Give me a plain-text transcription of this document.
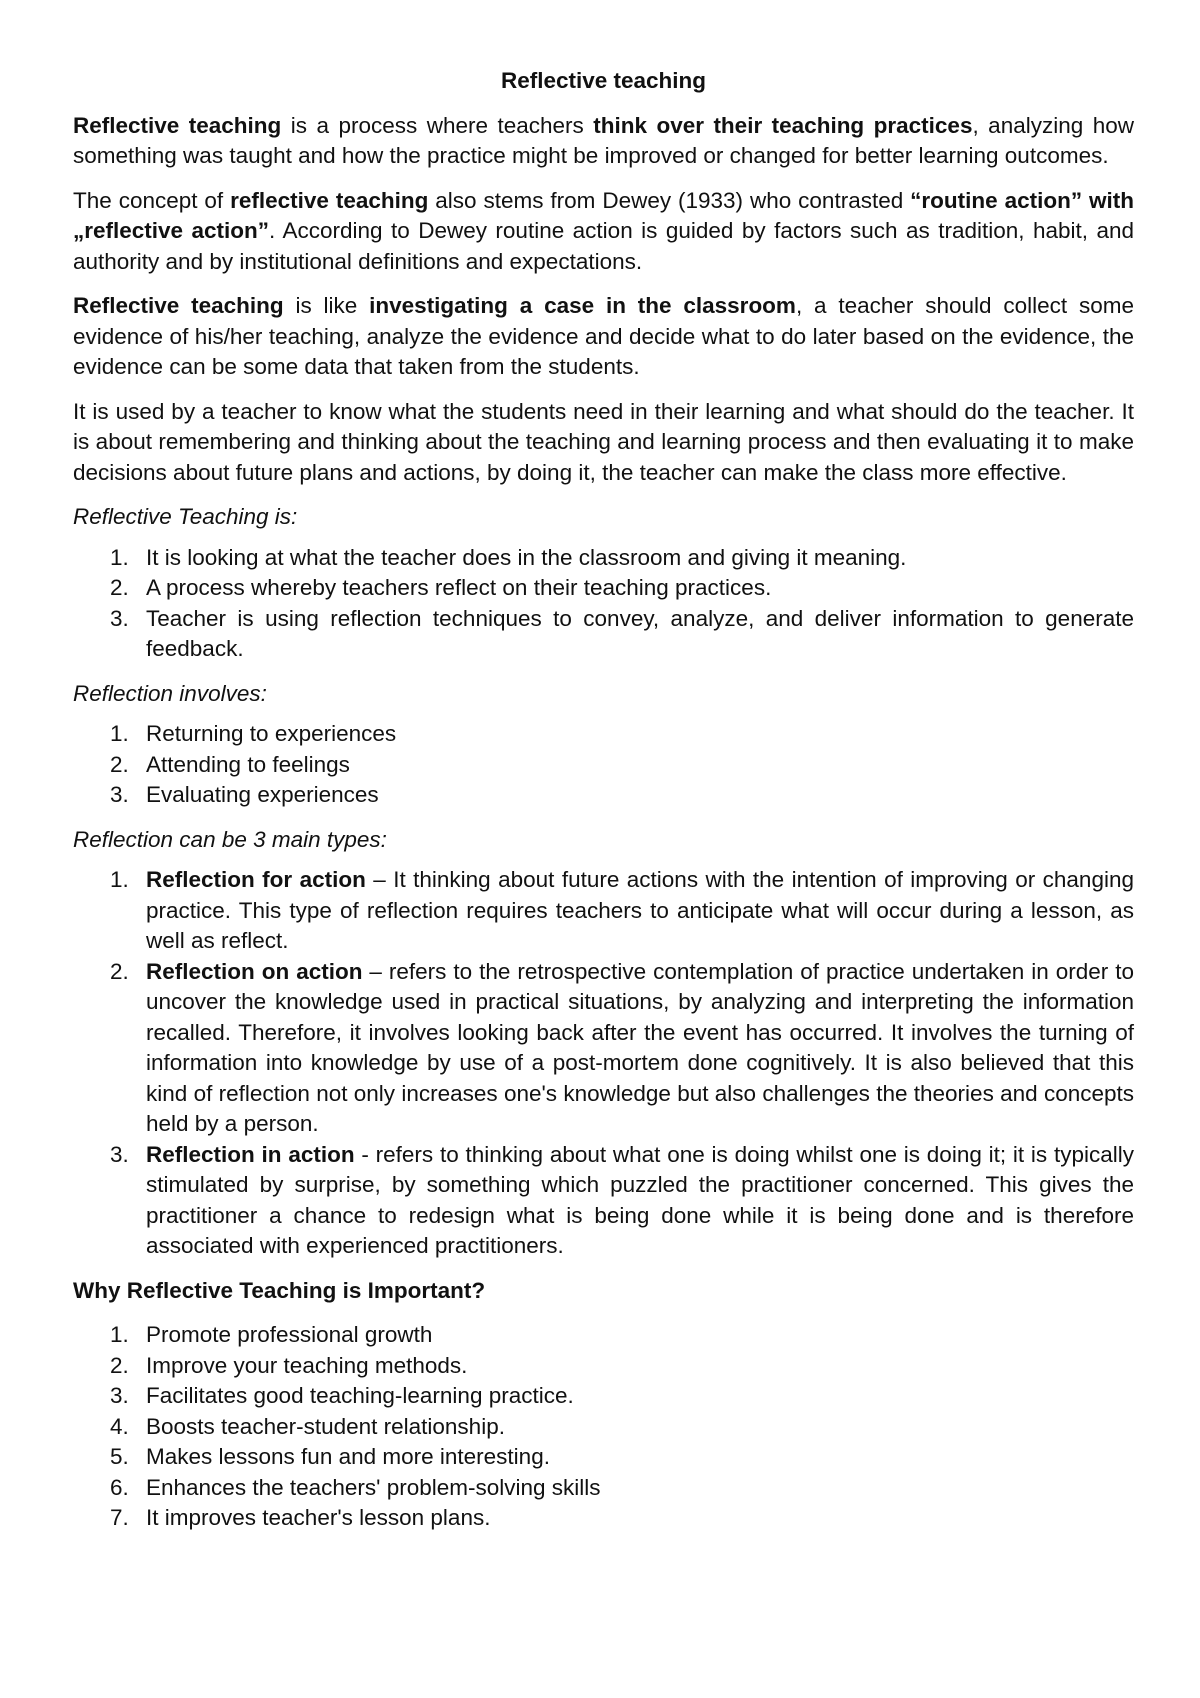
Reflective teaching

Reflective teaching is a process where teachers think over their teaching practices, analyzing how something was taught and how the practice might be improved or changed for better learning outcomes.

The concept of reflective teaching also stems from Dewey (1933) who contrasted “routine action” with „reflective action”. According to Dewey routine action is guided by factors such as tradition, habit, and authority and by institutional definitions and expectations.

Reflective teaching is like investigating a case in the classroom, a teacher should collect some evidence of his/her teaching, analyze the evidence and decide what to do later based on the evidence, the evidence can be some data that taken from the students.

It is used by a teacher to know what the students need in their learning and what should do the teacher. It is about remembering and thinking about the teaching and learning process and then evaluating it to make decisions about future plans and actions, by doing it, the teacher can make the class more effective.

Reflective Teaching is:
1. It is looking at what the teacher does in the classroom and giving it meaning.
2. A process whereby teachers reflect on their teaching practices.
3. Teacher is using reflection techniques to convey, analyze, and deliver information to generate feedback.
Reflection involves:
1. Returning to experiences
2. Attending to feelings
3. Evaluating experiences
Reflection can be 3 main types:
1. Reflection for action – It thinking about future actions with the intention of improving or changing practice. This type of reflection requires teachers to anticipate what will occur during a lesson, as well as reflect.
2. Reflection on action – refers to the retrospective contemplation of practice undertaken in order to uncover the knowledge used in practical situations, by analyzing and interpreting the information recalled. Therefore, it involves looking back after the event has occurred. It involves the turning of information into knowledge by use of a post-mortem done cognitively. It is also believed that this kind of reflection not only increases one's knowledge but also challenges the theories and concepts held by a person.
3. Reflection in action - refers to thinking about what one is doing whilst one is doing it; it is typically stimulated by surprise, by something which puzzled the practitioner concerned. This gives the practitioner a chance to redesign what is being done while it is being done and is therefore associated with experienced practitioners.
Why Reflective Teaching is Important?
1. Promote professional growth
2. Improve your teaching methods.
3. Facilitates good teaching-learning practice.
4. Boosts teacher-student relationship.
5. Makes lessons fun and more interesting.
6. Enhances the teachers' problem-solving skills
7. It improves teacher's lesson plans.
